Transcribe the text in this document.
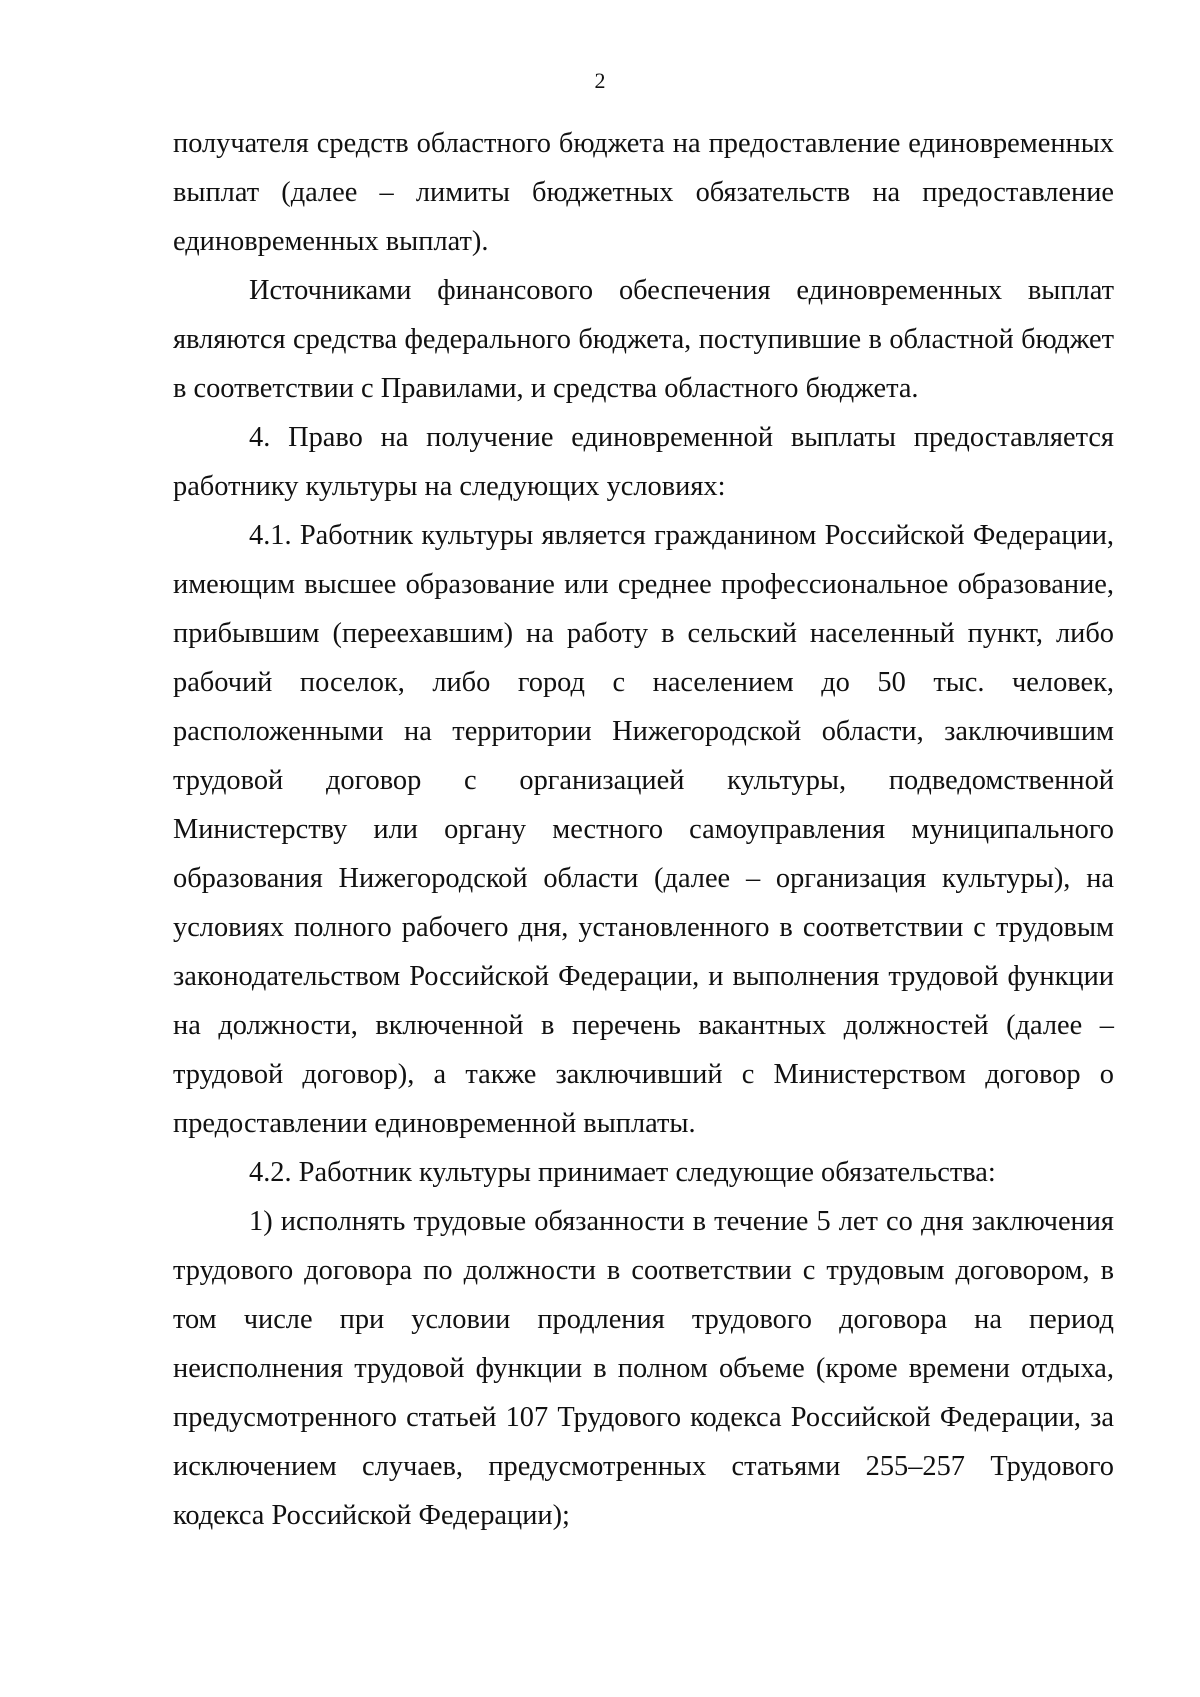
2

получателя средств областного бюджета на предоставление единовременных выплат (далее – лимиты бюджетных обязательств на предоставление единовременных выплат).

Источниками финансового обеспечения единовременных выплат являются средства федерального бюджета, поступившие в областной бюджет в соответствии с Правилами, и средства областного бюджета.

4. Право на получение единовременной выплаты предоставляется работнику культуры на следующих условиях:

4.1. Работник культуры является гражданином Российской Федерации, имеющим высшее образование или среднее профессиональное образование, прибывшим (переехавшим) на работу в сельский населенный пункт, либо рабочий поселок, либо город с населением до 50 тыс. человек, расположенными на территории Нижегородской области, заключившим трудовой договор с организацией культуры, подведомственной Министерству или органу местного самоуправления муниципального образования Нижегородской области (далее – организация культуры), на условиях полного рабочего дня, установленного в соответствии с трудовым законодательством Российской Федерации, и выполнения трудовой функции на должности, включенной в перечень вакантных должностей (далее – трудовой договор), а также заключивший с Министерством договор о предоставлении единовременной выплаты.

4.2. Работник культуры принимает следующие обязательства:

1) исполнять трудовые обязанности в течение 5 лет со дня заключения трудового договора по должности в соответствии с трудовым договором, в том числе при условии продления трудового договора на период неисполнения трудовой функции в полном объеме (кроме времени отдыха, предусмотренного статьей 107 Трудового кодекса Российской Федерации, за исключением случаев, предусмотренных статьями 255–257 Трудового кодекса Российской Федерации);
